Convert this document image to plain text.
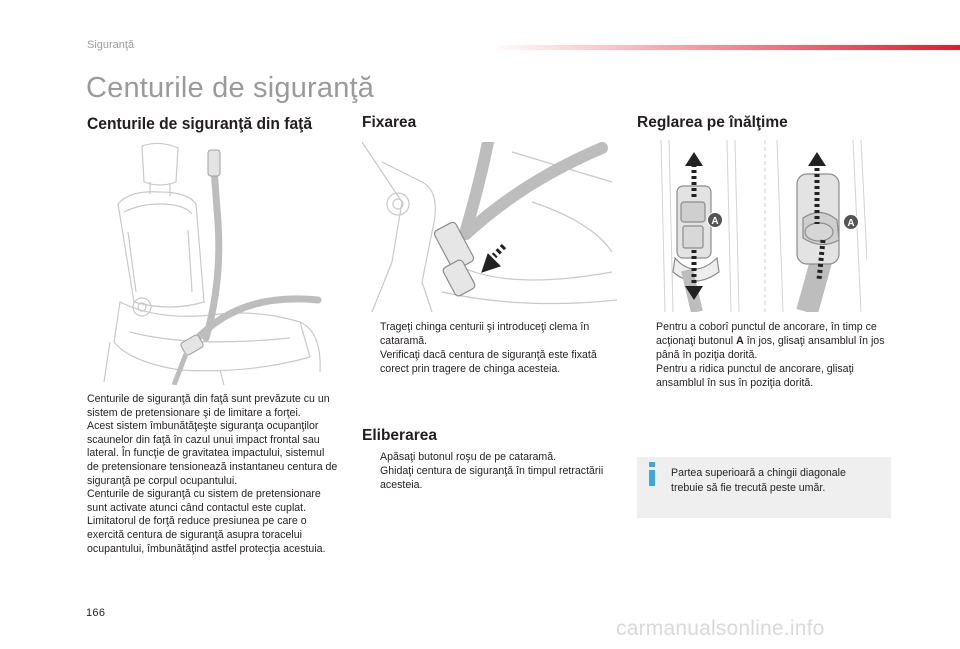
Siguranţă
Centurile de siguranţă
Centurile de siguranţă din faţă

Centurile de siguranţă din faţă sunt prevăzute cu un sistem de pretensionare şi de limitare a forţei.

Acest sistem îmbunătăţeşte siguranţa ocupanţilor scaunelor din faţă în cazul unui impact frontal sau lateral. În funcţie de gravitatea impactului, sistemul de pretensionare tensionează instantaneu centura de siguranţă pe corpul ocupantului.

Centurile de siguranţă cu sistem de pretensionare sunt activate atunci când contactul este cuplat.

Limitatorul de forţă reduce presiunea pe care o exercită centura de siguranţă asupra toracelui ocupantului, îmbunătăţind astfel protecţia acestuia.

Fixarea
Trageţi chinga centurii şi introduceţi clema în cataramă.
Verificaţi dacă centura de siguranţă este fixată corect prin tragere de chinga acesteia.
Eliberarea
Apăsaţi butonul roşu de pe cataramă.
Ghidaţi centura de siguranţă în timpul retractării acesteia.
Reglarea pe înălţime
A	A
Pentru a coborî punctul de ancorare, în timp ce acţionaţi butonul A în jos, glisaţi ansamblul în jos până în poziţia dorită.
Pentru a ridica punctul de ancorare, glisaţi ansamblul în sus în poziţia dorită.
Partea superioară a chingii diagonale trebuie să fie trecută peste umăr.
166
carmanualsonline.info
